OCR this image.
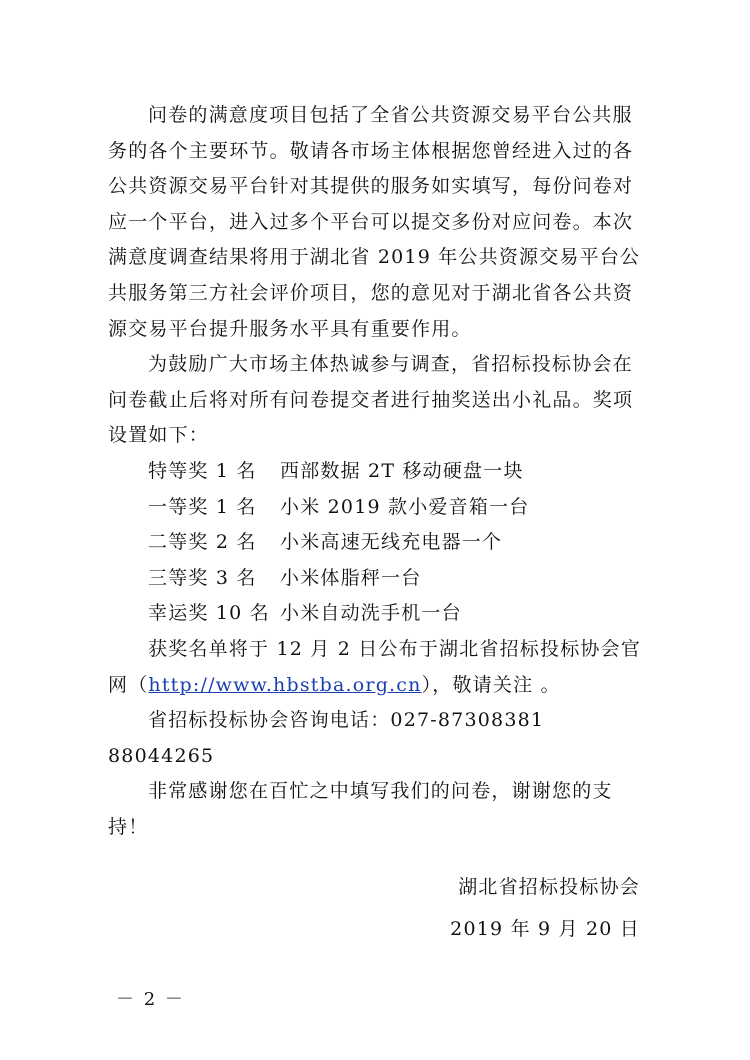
问卷的满意度项目包括了全省公共资源交易平台公共服务的各个主要环节。敬请各市场主体根据您曾经进入过的各公共资源交易平台针对其提供的服务如实填写，每份问卷对应一个平台，进入过多个平台可以提交多份对应问卷。本次满意度调查结果将用于湖北省 2019 年公共资源交易平台公共服务第三方社会评价项目，您的意见对于湖北省各公共资源交易平台提升服务水平具有重要作用。

为鼓励广大市场主体热诚参与调查，省招标投标协会在问卷截止后将对所有问卷提交者进行抽奖送出小礼品。奖项设置如下：

特等奖 1 名	西部数据 2T 移动硬盘一块
一等奖 1 名	小米 2019 款小爱音箱一台
二等奖 2 名	小米高速无线充电器一个
三等奖 3 名	小米体脂秤一台
幸运奖 10 名 小米自动洗手机一台

获奖名单将于 12 月 2 日公布于湖北省招标投标协会官网（http://www.hbstba.org.cn），敬请关注 。

省招标投标协会咨询电话：027-87308381 88044265

非常感谢您在百忙之中填写我们的问卷，谢谢您的支持！

湖北省招标投标协会
2019 年 9 月 20 日
－ 2 －
